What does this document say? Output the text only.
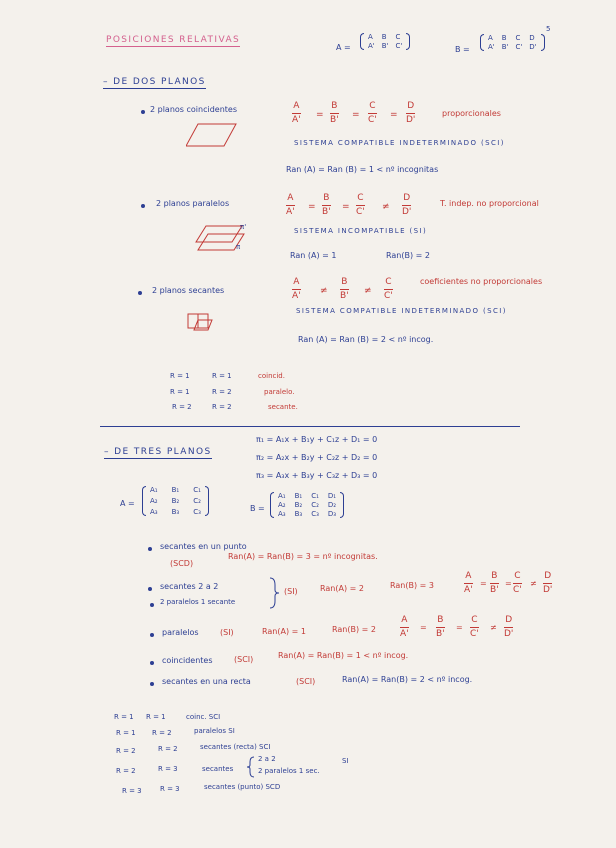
POSICIONES RELATIVAS
5
A =
A B C
A' B' C'	B =
A B C D
A' B' C' D'
– DE DOS PLANOS
2 planos coincidentes	A
A' =
B
B' =
C
C' =
D
D'
proporcionales
SISTEMA COMPATIBLE INDETERMINADO (SCI)
Ran (A) = Ran (B) = 1 < nº incognitas
2 planos paralelos
π'
π
A
A' =
B
B' =
C
C' ≠
D
D'
T. indep. no proporcional
SISTEMA INCOMPATIBLE (SI)
Ran (A) = 1	Ran(B) = 2
2 planos secantes
A
A' ≠
B
B' ≠
C
C'
coeficientes no proporcionales
SISTEMA COMPATIBLE INDETERMINADO (SCI)
Ran (A) = Ran (B) = 2 < nº incog.
R = 1	R = 1	coincid.
R = 1	R = 2	paralelo.
R = 2	R = 2	secante.
– DE TRES PLANOS
π₁ = A₁x + B₁y + C₁z + D₁ = 0
π₂ = A₂x + B₂y + C₂z + D₂ = 0
π₃ = A₃x + B₃y + C₃z + D₃ = 0
A =
A₁ B₁ C₁
A₂ B₂ C₂
A₃ B₃ C₃	B =
A₁ B₁ C₁ D₁
A₂ B₂ C₂ D₂
A₃ B₃ C₃ D₃
secantes en un punto
(SCD)
Ran(A) = Ran(B) = 3 = nº incognitas.
secantes 2 a 2
2 paralelos 1 secante
(SI)	Ran(A) = 2	Ran(B) = 3
A
A'
=
B
B'
=
C
C'
≠
D
D'
paralelos	(SI)	Ran(A) = 1	Ran(B) = 2
A
A'
=
B
B'
=
C
C'
≠
D
D'
coincidentes	(SCI)	Ran(A) = Ran(B) = 1 < nº incog.
secantes en una recta	(SCI)	Ran(A) = Ran(B) = 2 < nº incog.
R = 1 R = 1	coinc. SCI
R = 1 R = 2	paralelos SI
R = 2	R = 2	secantes (recta) SCI
R = 2	R = 3	secantes
2 a 2
2 paralelos 1 sec.
SI
R = 3	R = 3	secantes (punto) SCD
